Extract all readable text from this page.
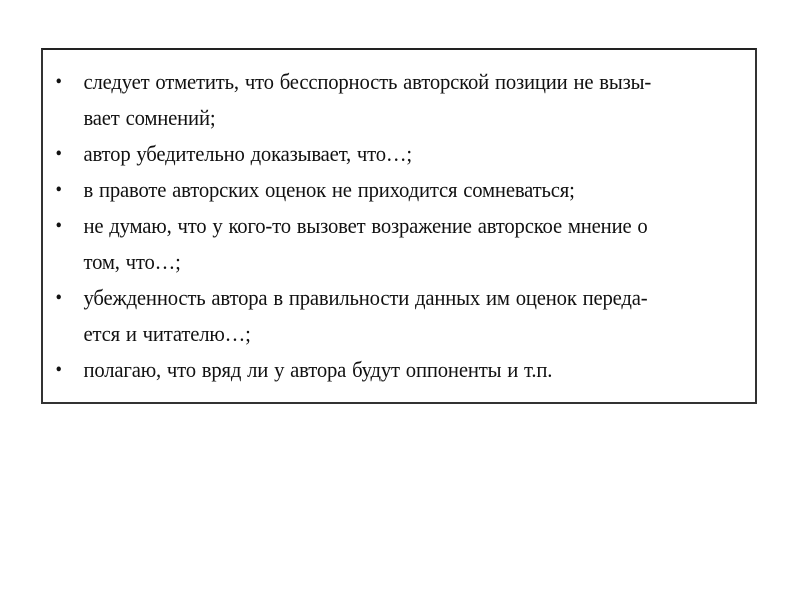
• следует отметить, что бесспорность авторской позиции не вызы-
вает сомнений;
• автор убедительно доказывает, что…;
• в правоте авторских оценок не приходится сомневаться;
• не думаю, что у кого-то вызовет возражение авторское мнение о
том, что…;
• убежденность автора в правильности данных им оценок переда-
ется и читателю…;
• полагаю, что вряд ли у автора будут оппоненты и т.п.
